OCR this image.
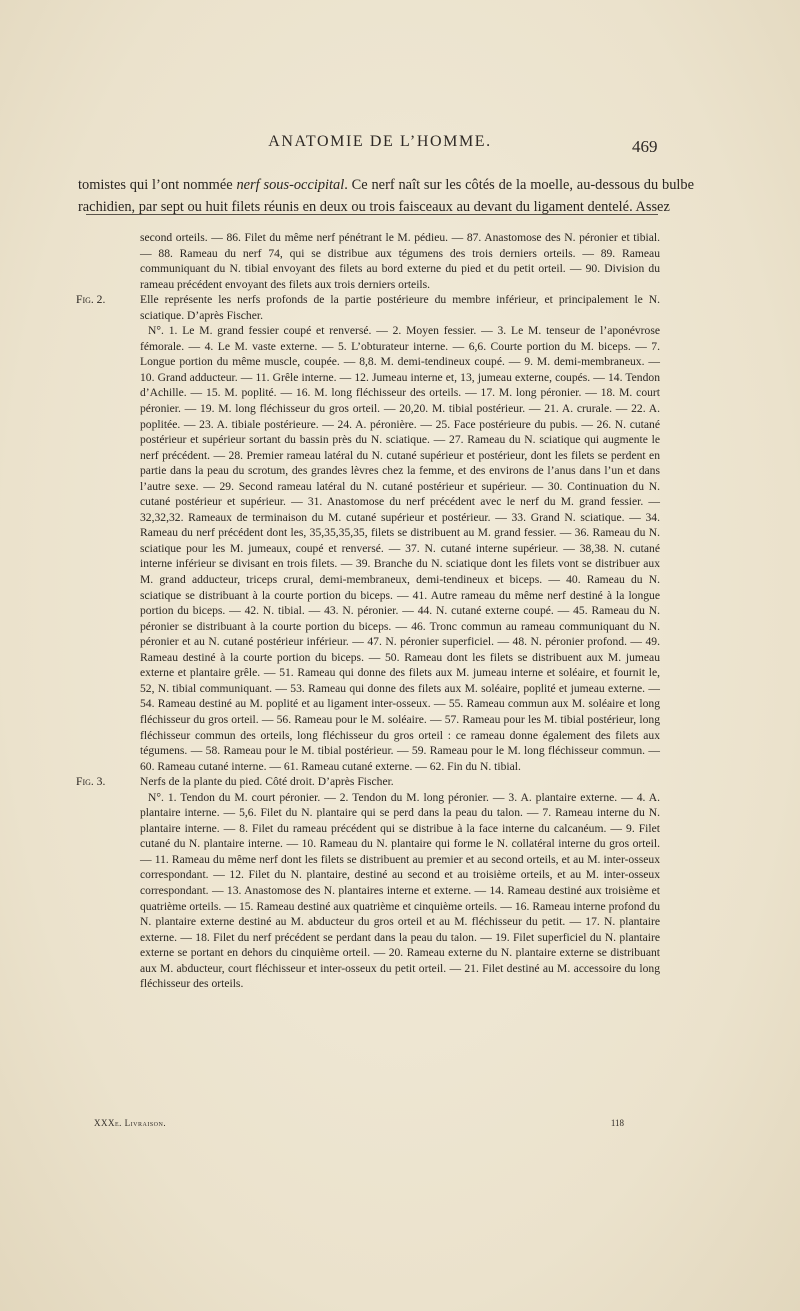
ANATOMIE DE L’HOMME.	469

tomistes qui l’ont nommée nerf sous-occipital. Ce nerf naît sur les côtés de la moelle, au-dessous du bulbe rachidien, par sept ou huit filets réunis en deux ou trois faisceaux au devant du ligament dentelé. Assez

second orteils. — 86. Filet du même nerf pénétrant le M. pédieu. — 87. Anastomose des N. péronier et tibial. — 88. Rameau du nerf 74, qui se distribue aux tégumens des trois derniers orteils. — 89. Rameau communiquant du N. tibial envoyant des filets au bord externe du pied et du petit orteil. — 90. Division du rameau précédent envoyant des filets aux trois derniers orteils.

Fig. 2.	Elle représente les nerfs profonds de la partie postérieure du membre inférieur, et principalement le N. sciatique. D’après Fischer.

N°. 1. Le M. grand fessier coupé et renversé. — 2. Moyen fessier. — 3. Le M. tenseur de l’aponévrose fémorale. — 4. Le M. vaste externe. — 5. L’obturateur interne. — 6,6. Courte portion du M. biceps. — 7. Longue portion du même muscle, coupée. — 8,8. M. demi-tendineux coupé. — 9. M. demi-membraneux. — 10. Grand adducteur. — 11. Grêle interne. — 12. Jumeau interne et, 13, jumeau externe, coupés. — 14. Tendon d’Achille. — 15. M. poplité. — 16. M. long fléchisseur des orteils. — 17. M. long péronier. — 18. M. court péronier. — 19. M. long fléchisseur du gros orteil. — 20,20. M. tibial postérieur. — 21. A. crurale. — 22. A. poplitée. — 23. A. tibiale postérieure. — 24. A. péronière. — 25. Face postérieure du pubis. — 26. N. cutané postérieur et supérieur sortant du bassin près du N. sciatique. — 27. Rameau du N. sciatique qui augmente le nerf précédent. — 28. Premier rameau latéral du N. cutané supérieur et postérieur, dont les filets se perdent en partie dans la peau du scrotum, des grandes lèvres chez la femme, et des environs de l’anus dans l’un et dans l’autre sexe. — 29. Second rameau latéral du N. cutané postérieur et supérieur. — 30. Continuation du N. cutané postérieur et supérieur. — 31. Anastomose du nerf précédent avec le nerf du M. grand fessier. — 32,32,32. Rameaux de terminaison du M. cutané supérieur et postérieur. — 33. Grand N. sciatique. — 34. Rameau du nerf précédent dont les, 35,35,35,35, filets se distribuent au M. grand fessier. — 36. Rameau du N. sciatique pour les M. jumeaux, coupé et renversé. — 37. N. cutané interne supérieur. — 38,38. N. cutané interne inférieur se divisant en trois filets. — 39. Branche du N. sciatique dont les filets vont se distribuer aux M. grand adducteur, triceps crural, demi-membraneux, demi-tendineux et biceps. — 40. Rameau du N. sciatique se distribuant à la courte portion du biceps. — 41. Autre rameau du même nerf destiné à la longue portion du biceps. — 42. N. tibial. — 43. N. péronier. — 44. N. cutané externe coupé. — 45. Rameau du N. péronier se distribuant à la courte portion du biceps. — 46. Tronc commun au rameau communiquant du N. péronier et au N. cutané postérieur inférieur. — 47. N. péronier superficiel. — 48. N. péronier profond. — 49. Rameau destiné à la courte portion du biceps. — 50. Rameau dont les filets se distribuent aux M. jumeau externe et plantaire grêle. — 51. Rameau qui donne des filets aux M. jumeau interne et soléaire, et fournit le, 52, N. tibial communiquant. — 53. Rameau qui donne des filets aux M. soléaire, poplité et jumeau externe. — 54. Rameau destiné au M. poplité et au ligament inter-osseux. — 55. Rameau commun aux M. soléaire et long fléchisseur du gros orteil. — 56. Rameau pour le M. soléaire. — 57. Rameau pour les M. tibial postérieur, long fléchisseur commun des orteils, long fléchisseur du gros orteil : ce rameau donne également des filets aux tégumens. — 58. Rameau pour le M. tibial postérieur. — 59. Rameau pour le M. long fléchisseur commun. — 60. Rameau cutané interne. — 61. Rameau cutané externe. — 62. Fin du N. tibial.

Fig. 3.	Nerfs de la plante du pied. Côté droit. D’après Fischer.

N°. 1. Tendon du M. court péronier. — 2. Tendon du M. long péronier. — 3. A. plantaire externe. — 4. A. plantaire interne. — 5,6. Filet du N. plantaire qui se perd dans la peau du talon. — 7. Rameau interne du N. plantaire interne. — 8. Filet du rameau précédent qui se distribue à la face interne du calcanéum. — 9. Filet cutané du N. plantaire interne. — 10. Rameau du N. plantaire qui forme le N. collatéral interne du gros orteil. — 11. Rameau du même nerf dont les filets se distribuent au premier et au second orteils, et au M. inter-osseux correspondant. — 12. Filet du N. plantaire, destiné au second et au troisième orteils, et au M. inter-osseux correspondant. — 13. Anastomose des N. plantaires interne et externe. — 14. Rameau destiné aux troisième et quatrième orteils. — 15. Rameau destiné aux quatrième et cinquième orteils. — 16. Rameau interne profond du N. plantaire externe destiné au M. abducteur du gros orteil et au M. fléchisseur du petit. — 17. N. plantaire externe. — 18. Filet du nerf précédent se perdant dans la peau du talon. — 19. Filet superficiel du N. plantaire externe se portant en dehors du cinquième orteil. — 20. Rameau externe du N. plantaire externe se distribuant aux M. abducteur, court fléchisseur et inter-osseux du petit orteil. — 21. Filet destiné au M. accessoire du long fléchisseur des orteils.

XXXe. Livraison.	118
